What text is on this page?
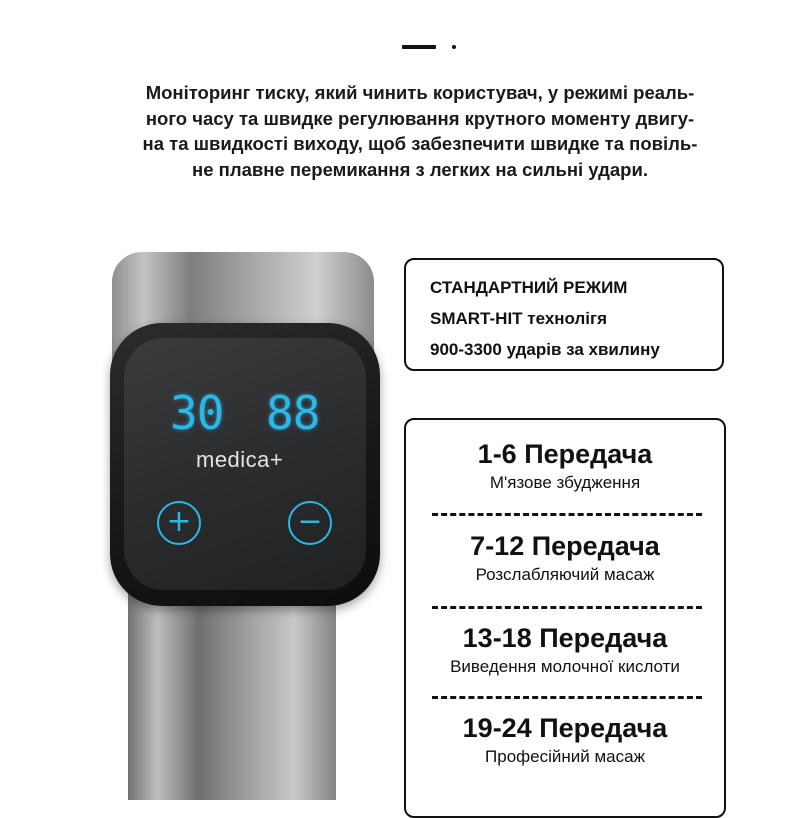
Моніторинг тиску, який чинить користувач, у режимі реаль-
ного часу та швидке регулювання крутного моменту двигу-
на та швидкості виходу, щоб забезпечити швидке та повіль-
не плавне перемикання з легких на сильні удари.
30 88
medica+
+	−
СТАНДАРТНИЙ РЕЖИМ
SMART-HIT технолігя
900-3300 ударів за хвилину
1-6 Передача
М'язове збудження
7-12 Передача
Розслабляючий масаж
13-18 Передача
Виведення молочної кислоти
19-24 Передача
Професійний масаж
